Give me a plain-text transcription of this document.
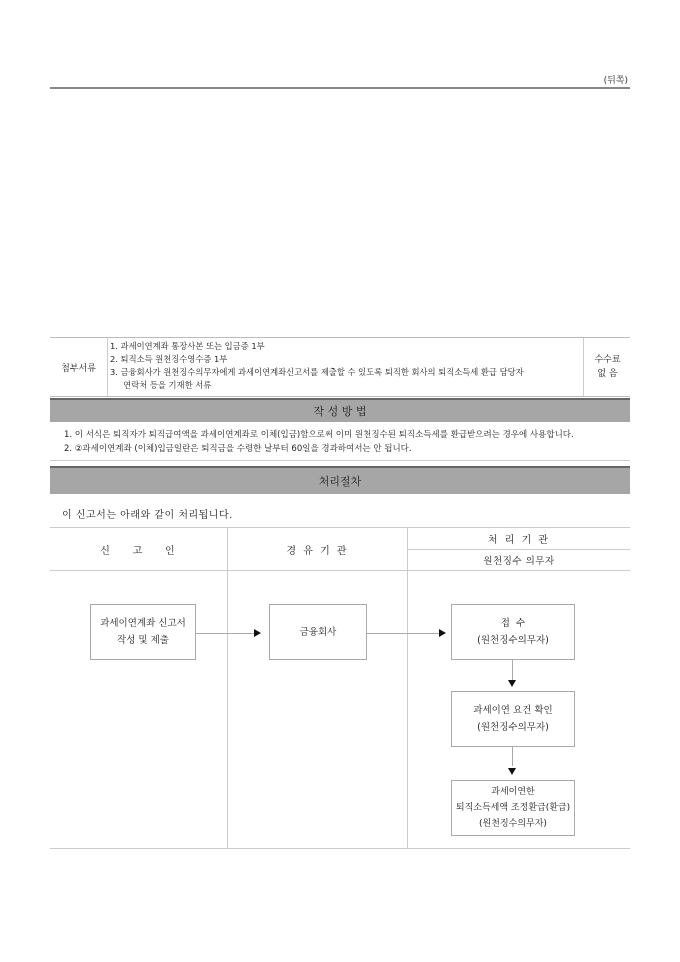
(뒤쪽)
첨부서류
1. 과세이연계좌 통장사본 또는 입금증 1부
2. 퇴직소득 원천징수영수증 1부
3. 금융회사가 원천징수의무자에게 과세이연계좌신고서를 제출할 수 있도록 퇴직한 회사의 퇴직소득세 환급 담당자
연락처 등을 기재한 서류
수수료
없 음
작 성 방 법
1. 이 서식은 퇴직자가 퇴직급여액을 과세이연계좌로 이체(입금)함으로써 이미 원천징수된 퇴직소득세를 환급받으려는 경우에 사용합니다.
2. ②과세이연계좌 (이체)입금일란은 퇴직금을 수령한 날부터 60일을 경과하여서는 안 됩니다.
처리절차
이 신고서는 아래와 같이 처리됩니다.
신    고    인	경 유 기 관
처 리 기 관
원천징수 의무자
과세이연계좌 신고서
작성 및 제출
금융회사
접  수
(원천징수의무자)
과세이연 요건 확인
(원천징수의무자)
과세이연한
퇴직소득세액 조정환급(환급)
(원천징수의무자)
